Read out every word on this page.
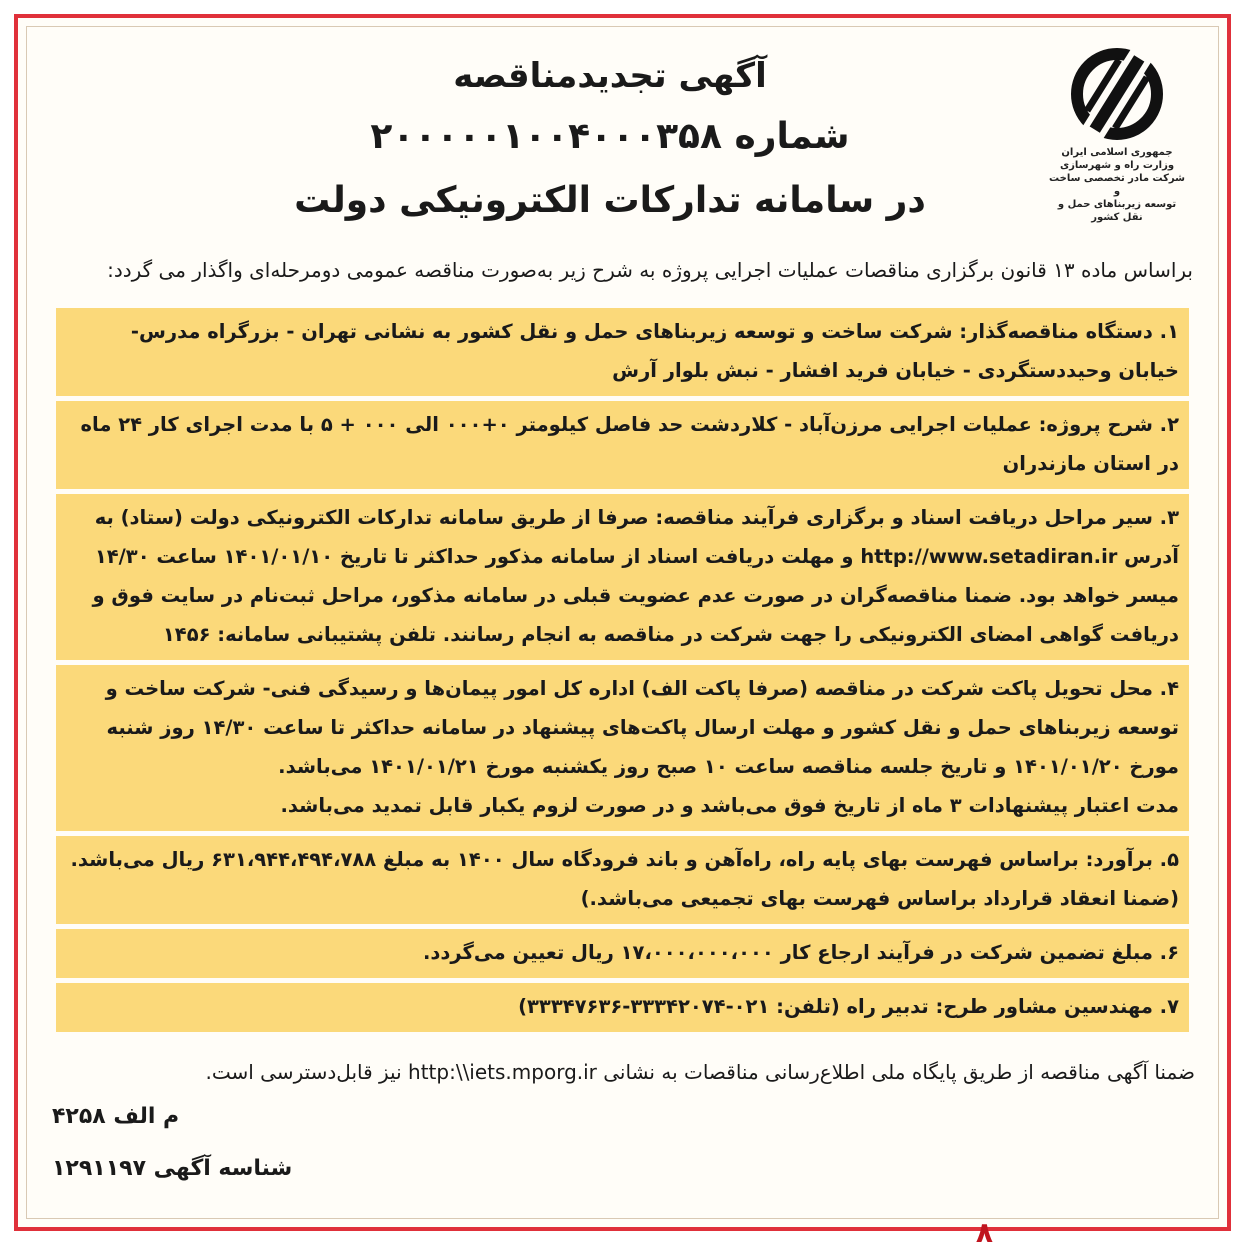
جمهوری اسلامی ایران
وزارت راه و شهرسازی
شرکت مادر تخصصی ساخت و
توسعه زیربناهای حمل و نقل کشور
آگهی تجدیدمناقصه
شماره ۲۰۰۰۰۰۱۰۰۴۰۰۰۳۵۸
در سامانه تدارکات الکترونیکی دولت
براساس ماده ۱۳ قانون برگزاری مناقصات عملیات اجرایی پروژه به شرح زیر به‌صورت مناقصه عمومی دومرحله‌ای واگذار می گردد:

۱. دستگاه مناقصه‌گذار: شرکت ساخت و توسعه زیربناهای حمل و نقل کشور به نشانی تهران - بزرگراه مدرس- خیابان وحیددستگردی - خیابان فرید افشار - نبش بلوار آرش

۲. شرح پروژه: عملیات اجرایی مرزن‌آباد - کلاردشت حد فاصل کیلومتر ۰+۰۰۰ الی ۰۰۰ + ۵ با مدت اجرای کار ۲۴ ماه در استان مازندران

۳. سیر مراحل دریافت اسناد و برگزاری فرآیند مناقصه: صرفا از طریق سامانه تدارکات الکترونیکی دولت (ستاد) به آدرس http://www.setadiran.ir و مهلت دریافت اسناد از سامانه مذکور حداکثر تا تاریخ ۱۴۰۱/۰۱/۱۰ ساعت ۱۴/۳۰ میسر خواهد بود. ضمنا مناقصه‌گران در صورت عدم عضویت قبلی در سامانه مذکور، مراحل ثبت‌نام در سایت فوق و دریافت گواهی امضای الکترونیکی را جهت شرکت در مناقصه به انجام رسانند. تلفن پشتیبانی سامانه: ۱۴۵۶

۴. محل تحویل پاکت شرکت در مناقصه (صرفا پاکت الف) اداره کل امور پیمان‌ها و رسیدگی فنی- شرکت ساخت و توسعه زیربناهای حمل و نقل کشور و مهلت ارسال پاکت‌های پیشنهاد در سامانه حداکثر تا ساعت ۱۴/۳۰ روز شنبه مورخ ۱۴۰۱/۰۱/۲۰ و تاریخ جلسه مناقصه ساعت ۱۰ صبح روز یکشنبه مورخ ۱۴۰۱/۰۱/۲۱ می‌باشد.

مدت اعتبار پیشنهادات ۳ ماه از تاریخ فوق می‌باشد و در صورت لزوم یکبار قابل تمدید می‌باشد.

۵. برآورد: براساس فهرست بهای پایه راه، راه‌آهن و باند فرودگاه سال ۱۴۰۰ به مبلغ ۶۳۱،۹۴۴،۴۹۴،۷۸۸ ریال می‌باشد.

(ضمنا انعقاد قرارداد براساس فهرست بهای تجمیعی می‌باشد.)

۶. مبلغ تضمین شرکت در فرآیند ارجاع کار ۱۷،۰۰۰،۰۰۰،۰۰۰ ریال تعیین می‌گردد.

۷. مهندسین مشاور طرح: تدبیر راه (تلفن: ۰۲۱-۳۳۳۴۲۰۷۴-۳۳۳۴۷۶۳۶)

ضمنا آگهی مناقصه از طریق پایگاه ملی اطلاع‌رسانی مناقصات به نشانی http:\\iets.mporg.ir نیز قابل‌دسترسی است.
م الف ۴۲۵۸
شناسه آگهی ۱۲۹۱۱۹۷
۸
